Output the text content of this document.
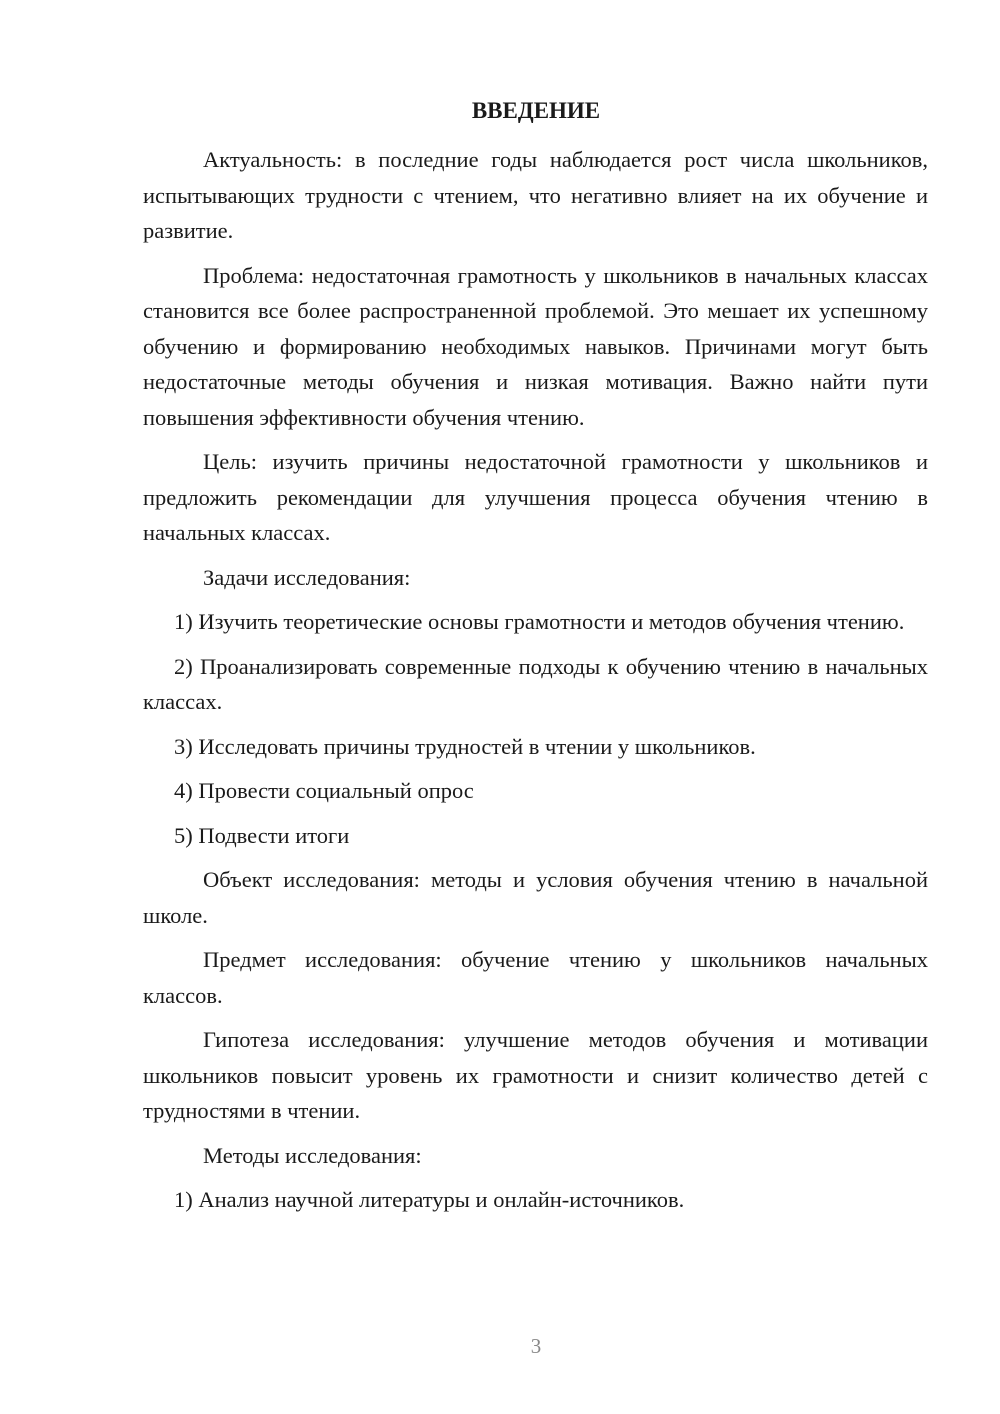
ВВЕДЕНИЕ

Актуальность: в последние годы наблюдается рост числа школьников, испытывающих трудности с чтением, что негативно влияет на их обучение и развитие.

Проблема: недостаточная грамотность у школьников в начальных классах становится все более распространенной проблемой. Это мешает их успешному обучению и формированию необходимых навыков. Причинами могут быть недостаточные методы обучения и низкая мотивация. Важно найти пути повышения эффективности обучения чтению.

Цель: изучить причины недостаточной грамотности у школьников и предложить рекомендации для улучшения процесса обучения чтению в начальных классах.

Задачи исследования:

1) Изучить теоретические основы грамотности и методов обучения чтению.

2) Проанализировать современные подходы к обучению чтению в начальных классах.

3) Исследовать причины трудностей в чтении у школьников.

4) Провести социальный опрос

5) Подвести итоги

Объект исследования: методы и условия обучения чтению в начальной школе.

Предмет исследования: обучение чтению у школьников начальных классов.

Гипотеза исследования: улучшение методов обучения и мотивации школьников повысит уровень их грамотности и снизит количество детей с трудностями в чтении.

Методы исследования:

1) Анализ научной литературы и онлайн-источников.

3
